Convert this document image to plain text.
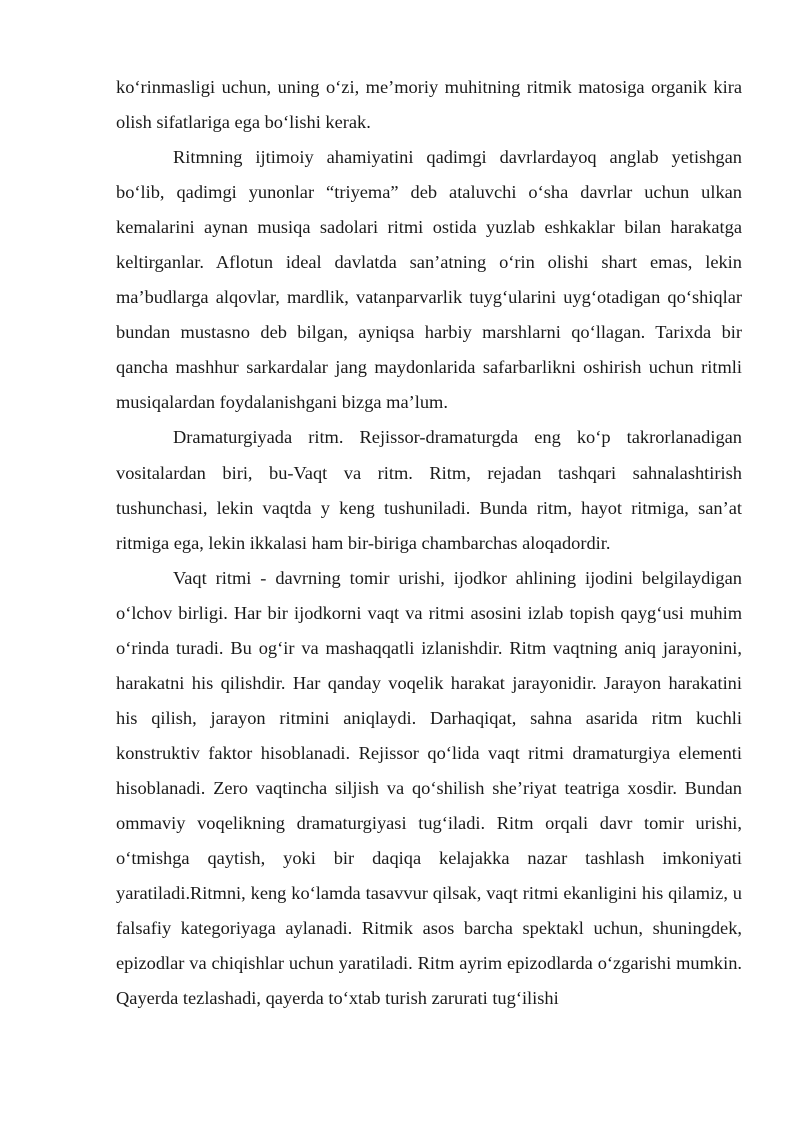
koʻrinmasligi uchun, uning oʻzi, me’moriy muhitning ritmik matosiga organik kira olish sifatlariga ega boʻlishi kerak.

Ritmning ijtimoiy ahamiyatini qadimgi davrlardayoq anglab yetishgan boʻlib, qadimgi yunonlar “triyema” deb ataluvchi oʻsha davrlar uchun ulkan kemalarini aynan musiqa sadolari ritmi ostida yuzlab eshkaklar bilan harakatga keltirganlar. Aflotun ideal davlatda san’atning oʻrin olishi shart emas, lekin ma’budlarga alqovlar, mardlik, vatanparvarlik tuygʻularini uygʻotadigan qoʻshiqlar bundan mustasno deb bilgan, ayniqsa harbiy marshlarni qoʻllagan. Tarixda bir qancha mashhur sarkardalar jang maydonlarida safarbarlikni oshirish uchun ritmli musiqalardan foydalanishgani bizga ma’lum.

Dramaturgiyada ritm. Rejissor-dramaturgda eng koʻp takrorlanadigan vositalardan biri, bu-Vaqt va ritm. Ritm, rejadan tashqari sahnalashtirish tushunchasi, lekin vaqtda y keng tushuniladi. Bunda ritm, hayot ritmiga, san’at ritmiga ega, lekin ikkalasi ham bir-biriga chambarchas aloqadordir.

Vaqt ritmi - davrning tomir urishi, ijodkor ahlining ijodini belgilaydigan oʻlchov birligi. Har bir ijodkorni vaqt va ritmi asosini izlab topish qaygʻusi muhim oʻrinda turadi. Bu ogʻir va mashaqqatli izlanishdir. Ritm vaqtning aniq jarayonini, harakatni his qilishdir. Har qanday voqelik harakat jarayonidir. Jarayon harakatini his qilish, jarayon ritmini aniqlaydi. Darhaqiqat, sahna asarida ritm kuchli konstruktiv faktor hisoblanadi. Rejissor qoʻlida vaqt ritmi dramaturgiya elementi hisoblanadi. Zero vaqtincha siljish va qoʻshilish she’riyat teatriga xosdir. Bundan ommaviy voqelikning dramaturgiyasi tugʻiladi. Ritm orqali davr tomir urishi, oʻtmishga qaytish, yoki bir daqiqa kelajakka nazar tashlash imkoniyati yaratiladi.Ritmni, keng koʻlamda tasavvur qilsak, vaqt ritmi ekanligini his qilamiz, u falsafiy kategoriyaga aylanadi. Ritmik asos barcha spektakl uchun, shuningdek, epizodlar va chiqishlar uchun yaratiladi. Ritm ayrim epizodlarda oʻzgarishi mumkin. Qayerda tezlashadi, qayerda toʻxtab turish zarurati tugʻilishi
